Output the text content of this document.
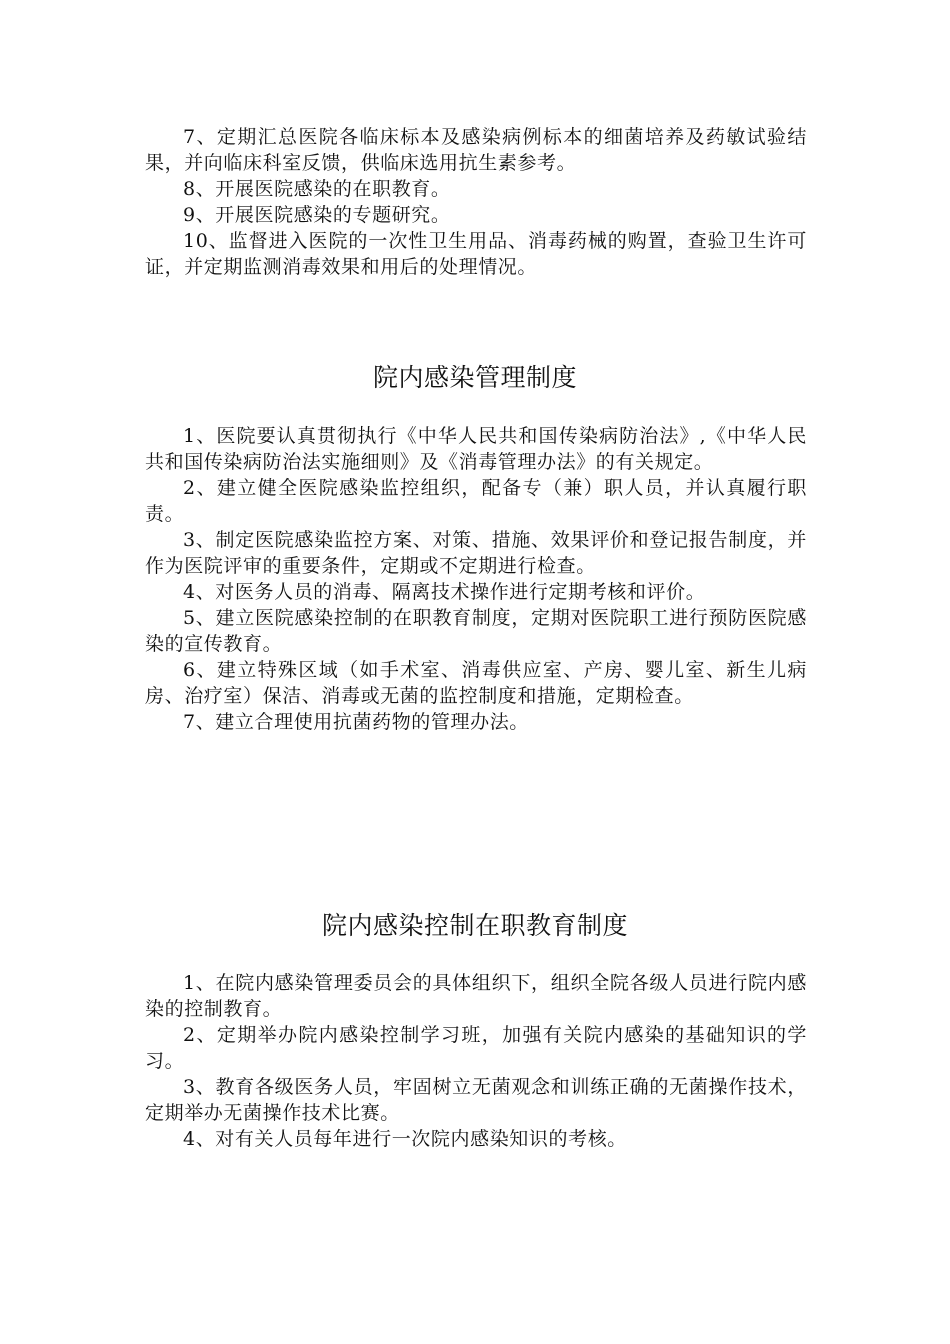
7、定期汇总医院各临床标本及感染病例标本的细菌培养及药敏试验结果，并向临床科室反馈，供临床选用抗生素参考。

8、开展医院感染的在职教育。

9、开展医院感染的专题研究。

10、监督进入医院的一次性卫生用品、消毒药械的购置，查验卫生许可证，并定期监测消毒效果和用后的处理情况。

院内感染管理制度

1、医院要认真贯彻执行《中华人民共和国传染病防治法》,《中华人民共和国传染病防治法实施细则》及《消毒管理办法》的有关规定。

2、建立健全医院感染监控组织，配备专（兼）职人员，并认真履行职责。

3、制定医院感染监控方案、对策、措施、效果评价和登记报告制度，并作为医院评审的重要条件，定期或不定期进行检查。

4、对医务人员的消毒、隔离技术操作进行定期考核和评价。

5、建立医院感染控制的在职教育制度，定期对医院职工进行预防医院感染的宣传教育。

6、建立特殊区域（如手术室、消毒供应室、产房、婴儿室、新生儿病房、治疗室）保洁、消毒或无菌的监控制度和措施，定期检查。

7、建立合理使用抗菌药物的管理办法。

院内感染控制在职教育制度

1、在院内感染管理委员会的具体组织下，组织全院各级人员进行院内感染的控制教育。

2、定期举办院内感染控制学习班，加强有关院内感染的基础知识的学习。

3、教育各级医务人员，牢固树立无菌观念和训练正确的无菌操作技术，定期举办无菌操作技术比赛。

4、对有关人员每年进行一次院内感染知识的考核。
